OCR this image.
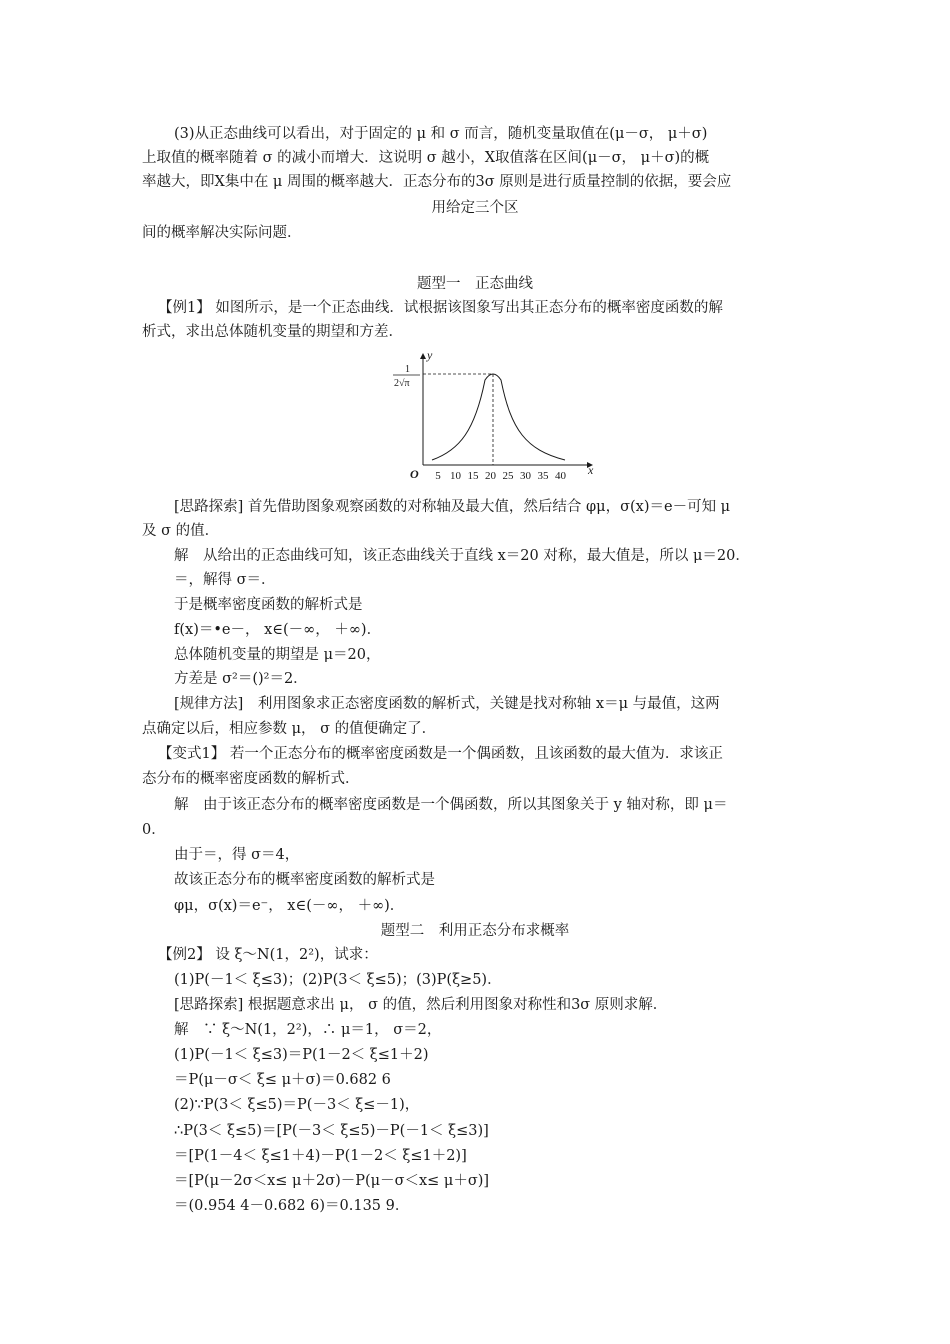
(3)从正态曲线可以看出，对于固定的 μ 和 σ 而言，随机变量取值在(μ－σ， μ＋σ)

上取值的概率随着 σ 的减小而增大．这说明 σ 越小，X取值落在区间(μ－σ， μ＋σ)的概

率越大，即X集中在 μ 周围的概率越大．正态分布的3σ 原则是进行质量控制的依据，要会应

用给定三个区

间的概率解决实际问题．

题型一　正态曲线

【例1】 如图所示，是一个正态曲线．试根据该图象写出其正态分布的概率密度函数的解

析式，求出总体随机变量的期望和方差．

y
x
O
1
2√π
5 10 15 20 25 30 35 40

[思路探索] 首先借助图象观察函数的对称轴及最大值，然后结合 φμ，σ(x)＝e－可知 μ

及 σ 的值．

解　从给出的正态曲线可知，该正态曲线关于直线 x＝20 对称，最大值是，所以 μ＝20．

＝，解得 σ＝．

于是概率密度函数的解析式是

f(x)＝•e－， x∈(－∞， ＋∞)．

总体随机变量的期望是 μ＝20，

方差是 σ²＝()²＝2．

[规律方法]　利用图象求正态密度函数的解析式，关键是找对称轴 x＝μ 与最值，这两

点确定以后，相应参数 μ， σ 的值便确定了．

【变式1】 若一个正态分布的概率密度函数是一个偶函数，且该函数的最大值为．求该正

态分布的概率密度函数的解析式．

解　由于该正态分布的概率密度函数是一个偶函数，所以其图象关于 y 轴对称，即 μ＝

0．

由于＝，得 σ＝4，

故该正态分布的概率密度函数的解析式是

φμ，σ(x)＝e⁻， x∈(－∞， ＋∞)．

题型二　利用正态分布求概率

【例2】 设 ξ～N(1，2²)，试求：

(1)P(－1＜ ξ≤3)；(2)P(3＜ ξ≤5)；(3)P(ξ≥5)．

[思路探索] 根据题意求出 μ， σ 的值，然后利用图象对称性和3σ 原则求解．

解　∵ ξ～N(1，2²)，∴ μ＝1， σ＝2，

(1)P(－1＜ ξ≤3)＝P(1－2＜ ξ≤1＋2)

＝P(μ－σ＜ ξ≤ μ＋σ)＝0.682 6

(2)∵P(3＜ ξ≤5)＝P(－3＜ ξ≤－1)，

∴P(3＜ ξ≤5)＝[P(－3＜ ξ≤5)－P(－1＜ ξ≤3)]

＝[P(1－4＜ ξ≤1＋4)－P(1－2＜ ξ≤1＋2)]

＝[P(μ－2σ＜x≤ μ＋2σ)－P(μ－σ＜x≤ μ＋σ)]

＝(0.954 4－0.682 6)＝0.135 9．
